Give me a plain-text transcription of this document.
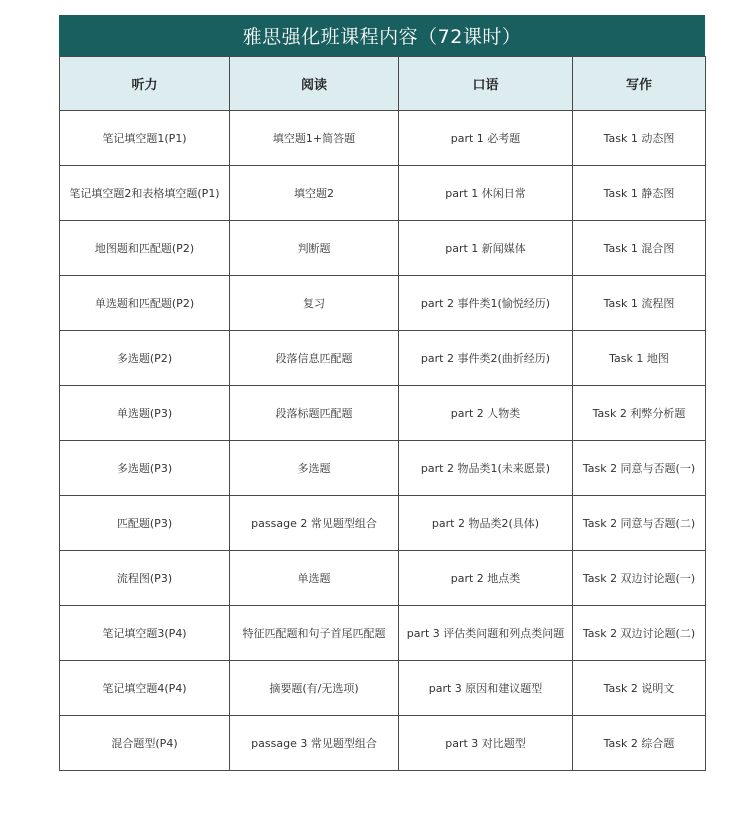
雅思强化班课程内容（72课时）
听力	阅读	口语	写作
笔记填空题1(P1)	填空题1+简答题	part 1 必考题	Task 1 动态图
笔记填空题2和表格填空题(P1)	填空题2	part 1 休闲日常	Task 1 静态图
地图题和匹配题(P2)	判断题	part 1 新闻媒体	Task 1 混合图
单选题和匹配题(P2)	复习	part 2 事件类1(愉悦经历)	Task 1 流程图
多选题(P2)	段落信息匹配题	part 2 事件类2(曲折经历)	Task 1 地图
单选题(P3)	段落标题匹配题	part 2 人物类	Task 2 利弊分析题
多选题(P3)	多选题	part 2 物品类1(未来愿景)	Task 2 同意与否题(一)
匹配题(P3)	passage 2 常见题型组合	part 2 物品类2(具体)	Task 2 同意与否题(二)
流程图(P3)	单选题	part 2 地点类	Task 2 双边讨论题(一)
笔记填空题3(P4)	特征匹配题和句子首尾匹配题	part 3 评估类问题和列点类问题	Task 2 双边讨论题(二)
笔记填空题4(P4)	摘要题(有/无选项)	part 3 原因和建议题型	Task 2 说明文
混合题型(P4)	passage 3 常见题型组合	part 3 对比题型	Task 2 综合题
